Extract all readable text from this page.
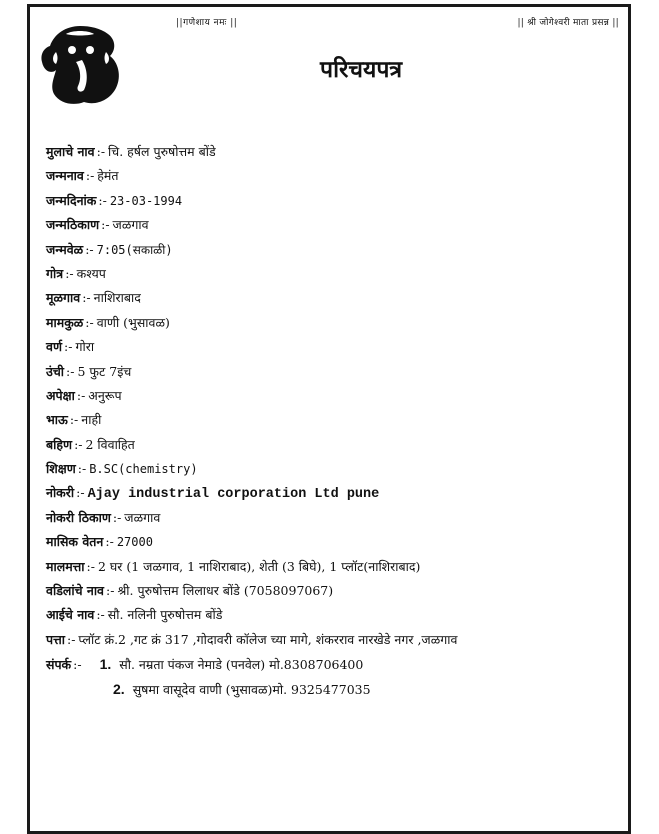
||गणेशाय नमः ||	|| श्री जोगेश्वरी माता प्रसन्न ||
परिचयपत्र
मुलाचे नाव :- चि. हर्षल पुरुषोत्तम बोंडे
जन्मनाव :- हेमंत
जन्मदिनांक :- 23-03-1994
जन्मठिकाण :- जळगाव
जन्मवेळ :- 7:05(सकाळी)
गोत्र :- कश्यप
मूळगाव :- नाशिराबाद
मामकुळ :- वाणी (भुसावळ)
वर्ण :- गोरा
उंची :- 5 फुट 7इंच
अपेक्षा :- अनुरूप
भाऊ :- नाही
बहिण :- 2 विवाहित
शिक्षण :- B.SC(chemistry)
नोकरी :- Ajay industrial corporation Ltd pune
नोकरी ठिकाण :- जळगाव
मासिक वेतन :- 27000
मालमत्ता :- 2 घर (1 जळगाव, 1 नाशिराबाद), शेती (3 बिघे), 1 प्लॉट(नाशिराबाद)
वडिलांचे नाव :- श्री. पुरुषोत्तम लिलाधर बोंडे (7058097067)
आईचे नाव :- सौ. नलिनी पुरुषोत्तम बोंडे
पत्ता :- प्लॉट क्रं.2 ,गट क्रं 317 ,गोदावरी कॉलेज च्या मागे, शंकरराव नारखेडे नगर ,जळगाव
संपर्क :- 1. सौ. नम्रता पंकज नेमाडे (पनवेल) मो.8308706400
2. सुषमा वासूदेव वाणी (भुसावळ)मो. 9325477035
